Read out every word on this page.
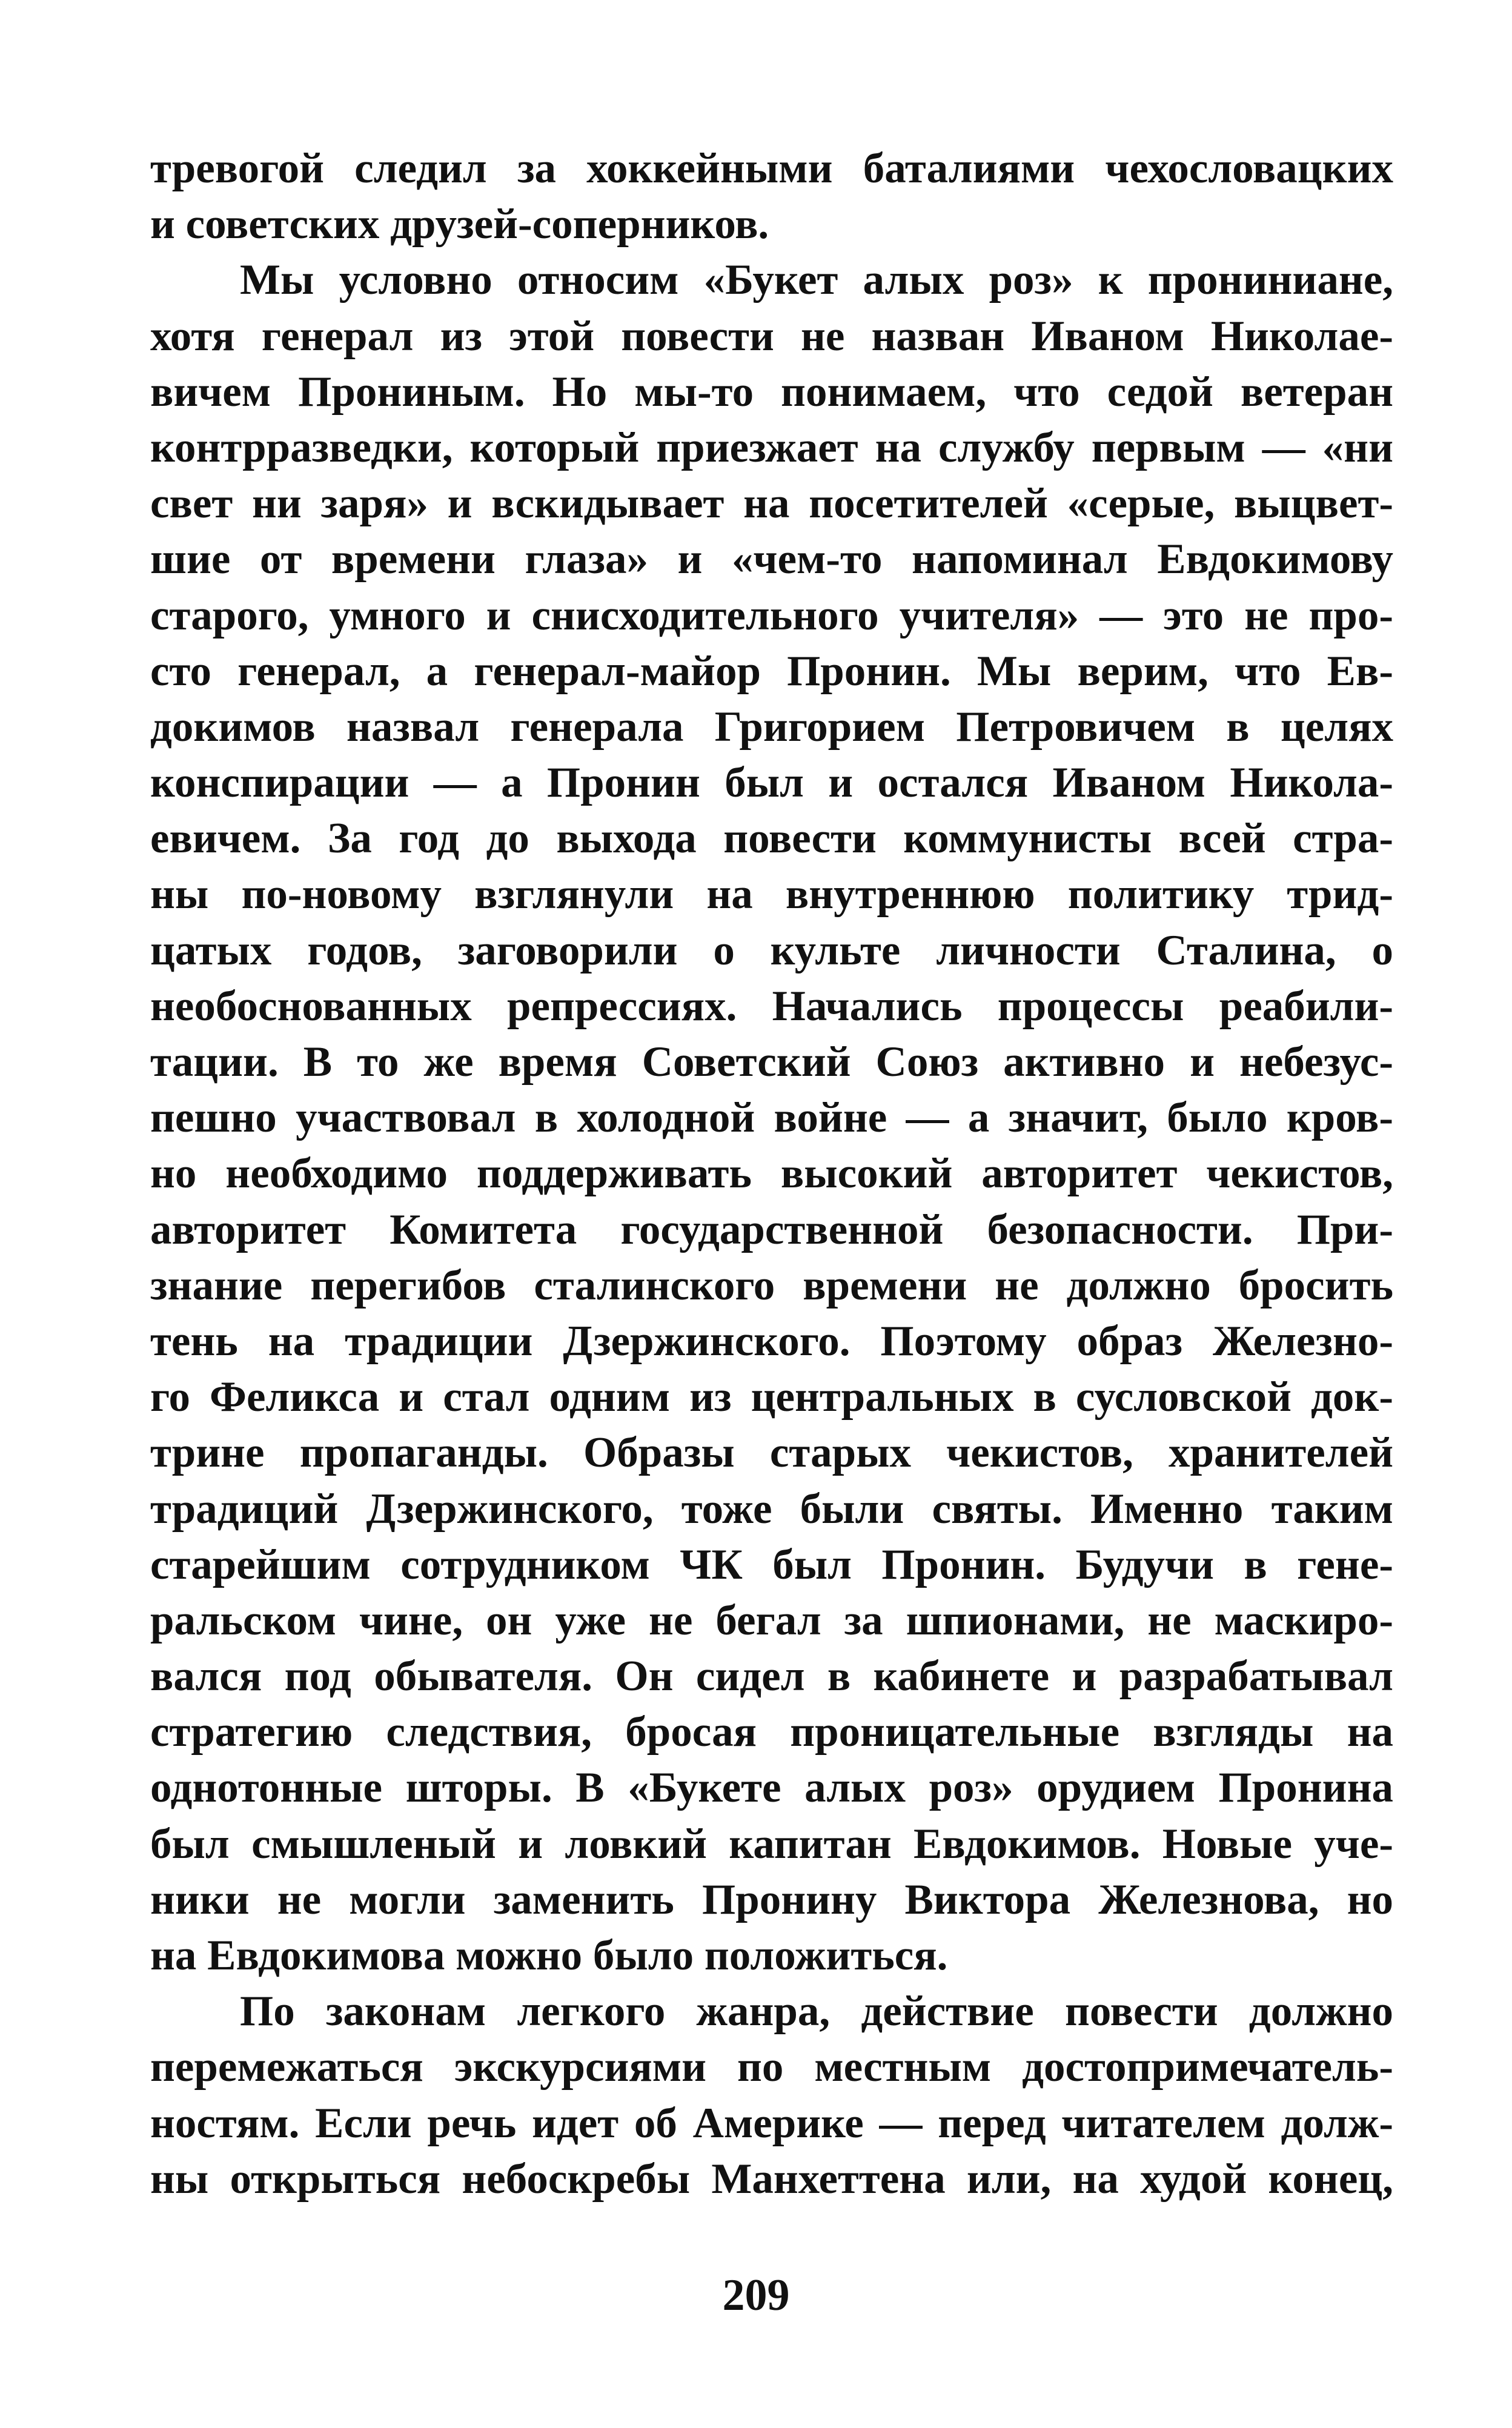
тревогой следил за хоккейными баталиями чехословацких
и советских друзей-соперников.
Мы условно относим «Букет алых роз» к пронинианe,
хотя генерал из этой повести не назван Иваном Николае-
вичем Прониным. Но мы-то понимаем, что седой ветеран
контрразведки, который приезжает на службу первым — «ни
свет ни заря» и вскидывает на посетителей «серые, выцвет-
шие от времени глаза» и «чем-то напоминал Евдокимову
старого, умного и снисходительного учителя» — это не про-
сто генерал, а генерал-майор Пронин. Мы верим, что Ев-
докимов назвал генерала Григорием Петровичем в целях
конспирации — а Пронин был и остался Иваном Никола-
евичем. За год до выхода повести коммунисты всей стра-
ны по-новому взглянули на внутреннюю политику трид-
цатых годов, заговорили о культе личности Сталина, о
необоснованных репрессиях. Начались процессы реабили-
тации. В то же время Советский Союз активно и небезус-
пешно участвовал в холодной войне — а значит, было кров-
но необходимо поддерживать высокий авторитет чекистов,
авторитет Комитета государственной безопасности. При-
знание перегибов сталинского времени не должно бросить
тень на традиции Дзержинского. Поэтому образ Железно-
го Феликса и стал одним из центральных в сусловской док-
трине пропаганды. Образы старых чекистов, хранителей
традиций Дзержинского, тоже были святы. Именно таким
старейшим сотрудником ЧК был Пронин. Будучи в гене-
ральском чине, он уже не бегал за шпионами, не маскиро-
вался под обывателя. Он сидел в кабинете и разрабатывал
стратегию следствия, бросая проницательные взгляды на
однотонные шторы. В «Букете алых роз» орудием Пронина
был смышленый и ловкий капитан Евдокимов. Новые уче-
ники не могли заменить Пронину Виктора Железнова, но
на Евдокимова можно было положиться.
По законам легкого жанра, действие повести должно
перемежаться экскурсиями по местным достопримечатель-
ностям. Если речь идет об Америке — перед читателем долж-
ны открыться небоскребы Манхеттена или, на худой конец,
209
